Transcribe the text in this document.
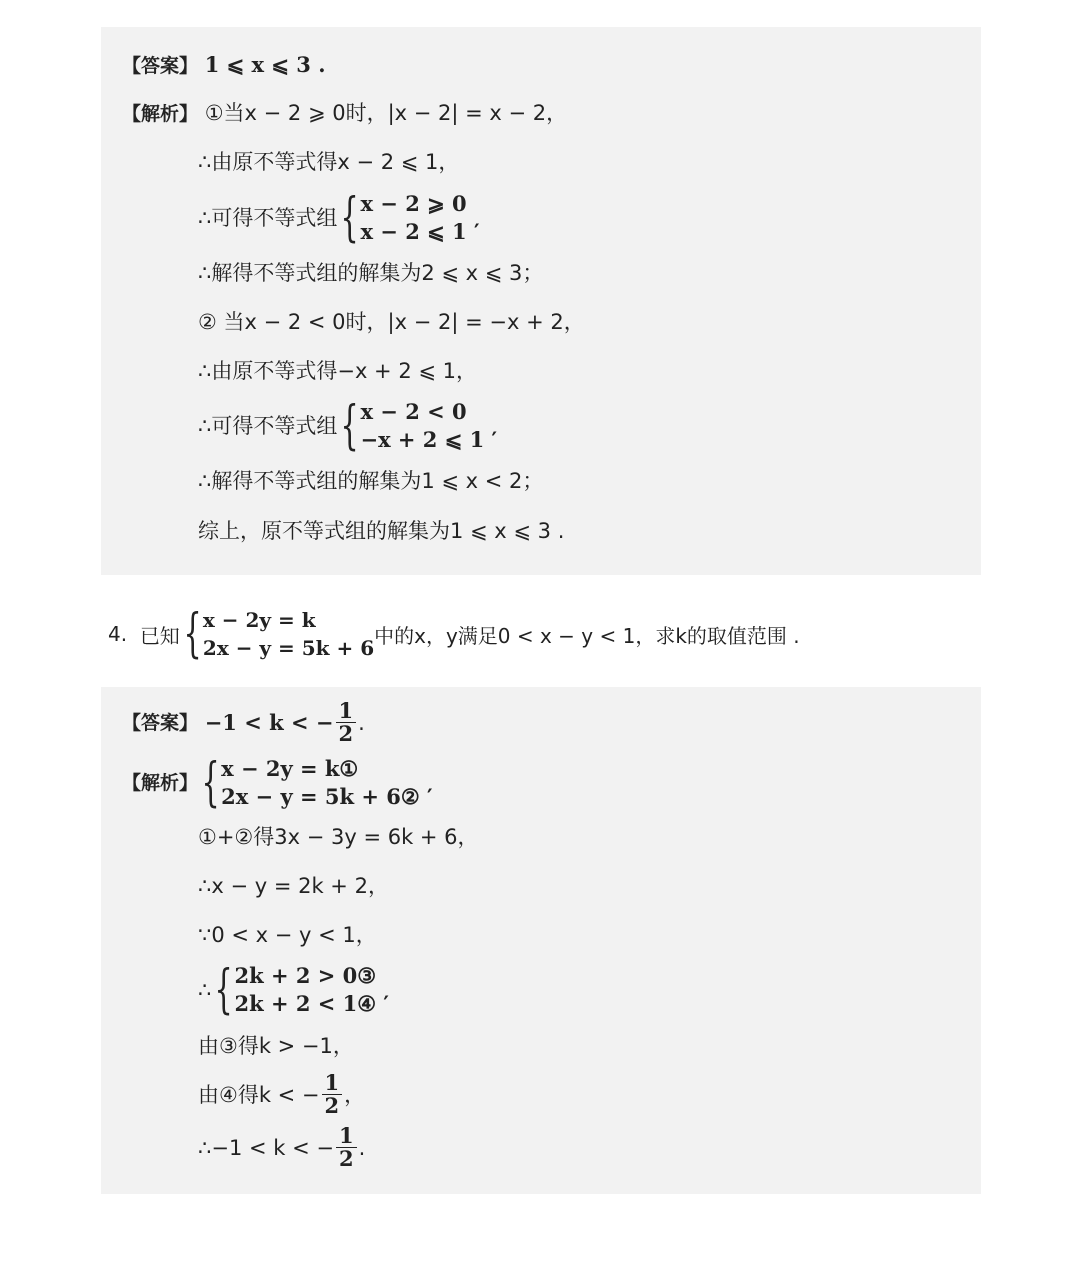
【答案】 1 ⩽ x ⩽ 3 .
【解析】 ①当x − 2 ⩾ 0时，|x − 2| = x − 2，
∴由原不等式得x − 2 ⩽ 1，
∴可得不等式组 { x − 2 ⩾ 0
x − 2 ⩽ 1 ′
∴解得不等式组的解集为2 ⩽ x ⩽ 3；
② 当x − 2 < 0时，|x − 2| = −x + 2，
∴由原不等式得−x + 2 ⩽ 1，
∴可得不等式组 { x − 2 < 0
−x + 2 ⩽ 1 ′
∴解得不等式组的解集为1 ⩽ x < 2；
综上，原不等式组的解集为1 ⩽ x ⩽ 3 .
4.
已知 { x − 2y = k
2x − y = 5k + 6
中的x，y满足0 < x − y < 1，求k的取值范围 .
【答案】
−1 < k < − $\frac{1}{2}$ .
【解析】 { x − 2y = k①
2x − y = 5k + 6② ′
①+②得3x − 3y = 6k + 6，
∴x − y = 2k + 2，
∵0 < x − y < 1，
∴ { 2k + 2 > 0③
2k + 2 < 1④ ′
由③得k > −1，
由④得k < − $\frac{1}{2}$ ，
∴−1 < k < − $\frac{1}{2}$ .
